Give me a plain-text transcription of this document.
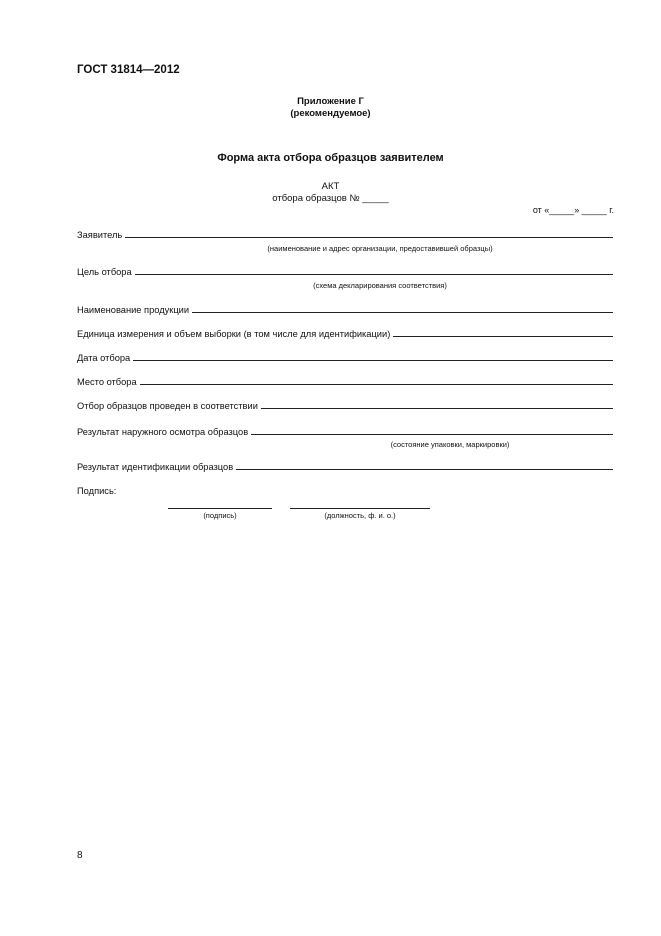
ГОСТ 31814—2012
Приложение Г
(рекомендуемое)
Форма акта отбора образцов заявителем
АКТ
отбора образцов № _____
от «_____» _____ г.
Заявитель
(наименование и адрес организации, предоставившей образцы)
Цель отбора
(схема декларирования соответствия)
Наименование продукции
Единица измерения и объем выборки (в том числе для идентификации)
Дата отбора
Место отбора
Отбор образцов проведен в соответствии
Результат наружного осмотра образцов
(состояние упаковки, маркировки)
Результат идентификации образцов
Подпись:
(подпись)	(должность, ф. и. о.)
8
